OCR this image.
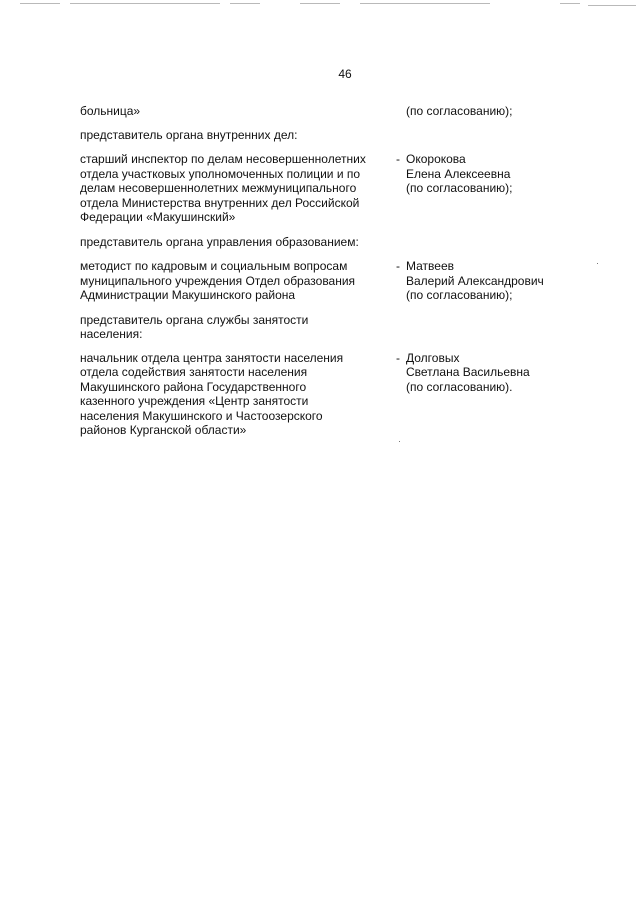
46
больница»	(по согласованию);
представитель органа внутренних дел:
старший инспектор по делам несовершеннолетних
отдела участковых уполномоченных полиции и по
делам несовершеннолетних межмуниципального
отдела Министерства внутренних дел Российской
Федерации «Макушинский»
- Окорокова
Елена Алексеевна
(по согласованию);
представитель органа управления образованием:
методист по кадровым и социальным вопросам
муниципального учреждения Отдел образования
Администрации Макушинского района
- Матвеев
Валерий Александрович
(по согласованию);
представитель органа службы занятости
населения:
начальник отдела центра занятости населения
отдела содействия занятости населения
Макушинского района Государственного
казенного учреждения «Центр занятости
населения Макушинского и Частоозерского
районов Курганской области»
- Долговых
Светлана Васильевна
(по согласованию).
